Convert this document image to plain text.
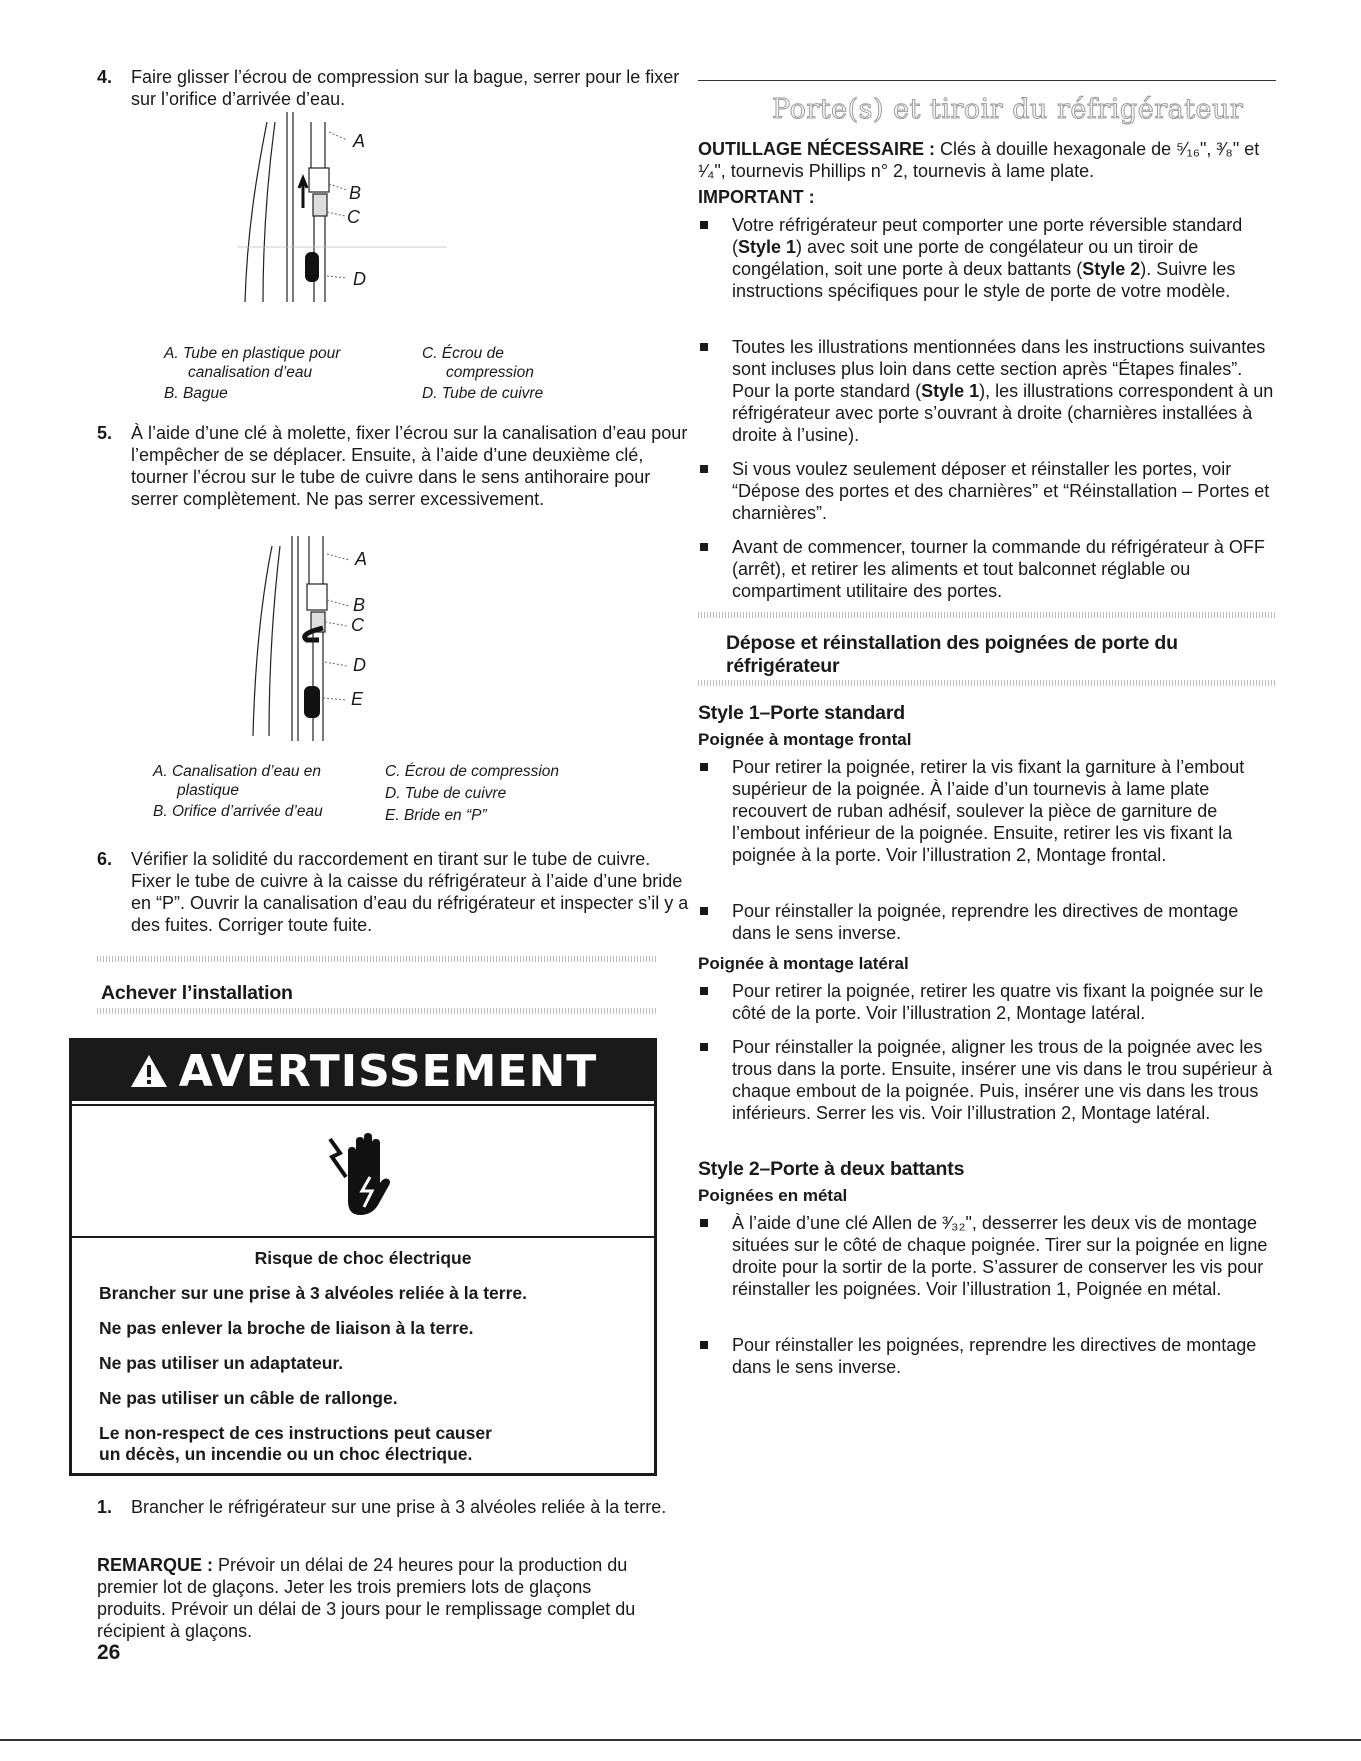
4. Faire glisser l’écrou de compression sur la bague, serrer pour le fixer sur l’orifice d’arrivée d’eau.

A
B
C
D
A. Tube en plastique pour
canalisation d’eau
C. Écrou de
compression
B. Bague	D. Tube de cuivre
5. À l’aide d’une clé à molette, fixer l’écrou sur la canalisation d’eau pour l’empêcher de se déplacer. Ensuite, à l’aide d’une deuxième clé, tourner l’écrou sur le tube de cuivre dans le sens antihoraire pour serrer complètement. Ne pas serrer excessivement.

A
B
C
D
E
A. Canalisation d’eau en
plastique
B. Orifice d’arrivée d’eau
C. Écrou de compression
D. Tube de cuivre
E. Bride en “P”
6. Vérifier la solidité du raccordement en tirant sur le tube de cuivre. Fixer le tube de cuivre à la caisse du réfrigérateur à l’aide d’une bride en “P”. Ouvrir la canalisation d’eau du réfrigérateur et inspecter s’il y a des fuites. Corriger toute fuite.

Achever l’installation
AVERTISSEMENT

Risque de choc électrique

Brancher sur une prise à 3 alvéoles reliée à la terre.

Ne pas enlever la broche de liaison à la terre.

Ne pas utiliser un adaptateur.

Ne pas utiliser un câble de rallonge.

Le non-respect de ces instructions peut causer

un décès, un incendie ou un choc électrique.

1. Brancher le réfrigérateur sur une prise à 3 alvéoles reliée à la terre.

REMARQUE : Prévoir un délai de 24 heures pour la production du premier lot de glaçons. Jeter les trois premiers lots de glaçons produits. Prévoir un délai de 3 jours pour le remplissage complet du récipient à glaçons.

Porte(s) et tiroir du réfrigérateur

OUTILLAGE NÉCESSAIRE : Clés à douille hexagonale de ⁵⁄₁₆", ³⁄₈" et ¹⁄₄", tournevis Phillips n° 2, tournevis à lame plate.

IMPORTANT :

Votre réfrigérateur peut comporter une porte réversible standard (Style 1) avec soit une porte de congélateur ou un tiroir de congélation, soit une porte à deux battants (Style 2). Suivre les instructions spécifiques pour le style de porte de votre modèle.

Toutes les illustrations mentionnées dans les instructions suivantes sont incluses plus loin dans cette section après “Étapes finales”. Pour la porte standard (Style 1), les illustrations correspondent à un réfrigérateur avec porte s’ouvrant à droite (charnières installées à droite à l’usine).

Si vous voulez seulement déposer et réinstaller les portes, voir “Dépose des portes et des charnières” et “Réinstallation – Portes et charnières”.

Avant de commencer, tourner la commande du réfrigérateur à OFF (arrêt), et retirer les aliments et tout balconnet réglable ou compartiment utilitaire des portes.

Dépose et réinstallation des poignées de porte du réfrigérateur

Style 1–Porte standard

Poignée à montage frontal

Pour retirer la poignée, retirer la vis fixant la garniture à l’embout supérieur de la poignée. À l’aide d’un tournevis à lame plate recouvert de ruban adhésif, soulever la pièce de garniture de l’embout inférieur de la poignée. Ensuite, retirer les vis fixant la poignée à la porte. Voir l’illustration 2, Montage frontal.

Pour réinstaller la poignée, reprendre les directives de montage dans le sens inverse.

Poignée à montage latéral

Pour retirer la poignée, retirer les quatre vis fixant la poignée sur le côté de la porte. Voir l’illustration 2, Montage latéral.

Pour réinstaller la poignée, aligner les trous de la poignée avec les trous dans la porte. Ensuite, insérer une vis dans le trou supérieur à chaque embout de la poignée. Puis, insérer une vis dans les trous inférieurs. Serrer les vis. Voir l’illustration 2, Montage latéral.

Style 2–Porte à deux battants

Poignées en métal

À l’aide d’une clé Allen de ³⁄₃₂", desserrer les deux vis de montage situées sur le côté de chaque poignée. Tirer sur la poignée en ligne droite pour la sortir de la porte. S’assurer de conserver les vis pour réinstaller les poignées. Voir l’illustration 1, Poignée en métal.

Pour réinstaller les poignées, reprendre les directives de montage dans le sens inverse.

26
